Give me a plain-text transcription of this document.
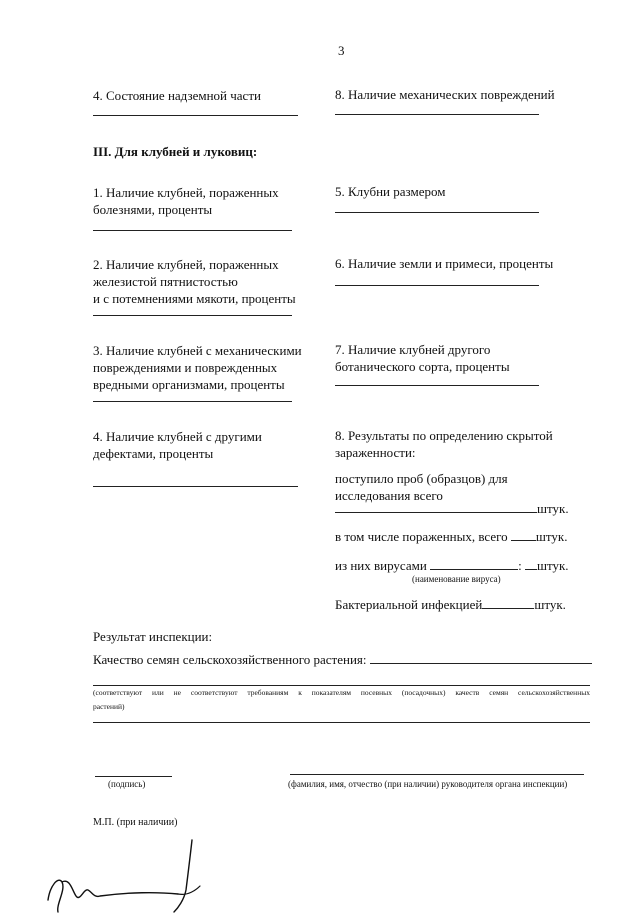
3
4. Состояние надземной части	8. Наличие механических повреждений
III. Для клубней и луковиц:
1. Наличие клубней, пораженных
болезнями, проценты
5. Клубни размером
2. Наличие клубней, пораженных
железистой пятнистостью
и с потемнениями мякоти, проценты
6. Наличие земли и примеси, проценты
3. Наличие клубней с механическими
повреждениями и поврежденных
вредными организмами, проценты
7. Наличие клубней другого
ботанического сорта, проценты
4. Наличие клубней с другими
дефектами, проценты
8. Результаты по определению скрытой
зараженности:
поступило проб (образцов) для
исследования всего
штук.
в том числе пораженных, всего штук.
из них вирусами	: штук.
(наименование вируса)
Бактериальной инфекцией	штук.
Результат инспекции:
Качество семян сельскохозяйственного растения:
(соответствуют или не соответствуют требованиям к показателям посевных (посадочных) качеств семян сельскохозяйственных
растений)
(подпись)	(фамилия, имя, отчество (при наличии) руководителя органа инспекции)
М.П. (при наличии)
